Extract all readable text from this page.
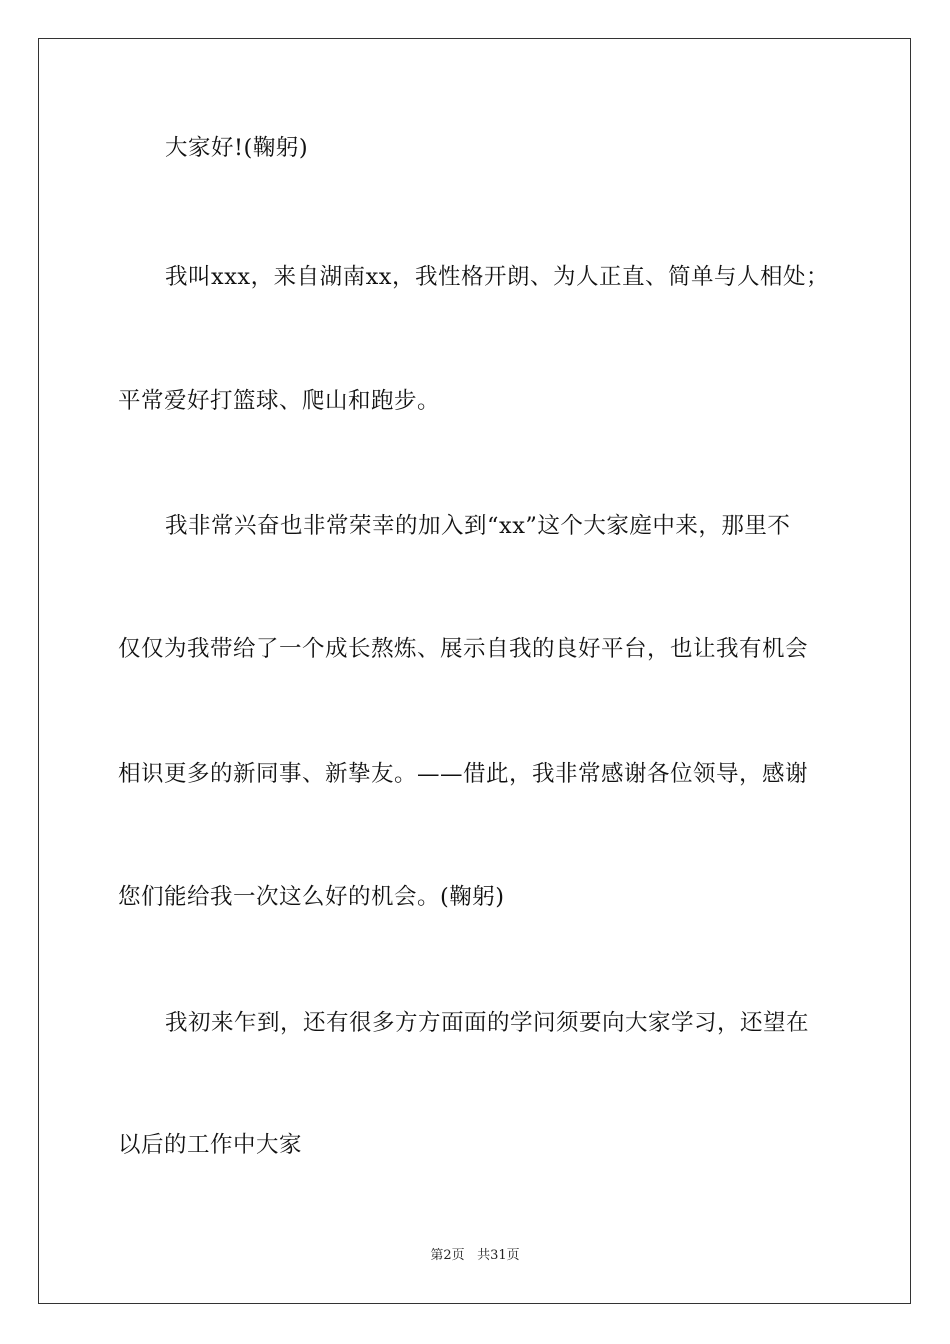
大家好!(鞠躬)
我叫xxx，来自湖南xx，我性格开朗、为人正直、简单与人相处；
平常爱好打篮球、爬山和跑步。
我非常兴奋也非常荣幸的加入到“xx”这个大家庭中来，那里不
仅仅为我带给了一个成长熬炼、展示自我的良好平台，也让我有机会
相识更多的新同事、新挚友。——借此，我非常感谢各位领导，感谢
您们能给我一次这么好的机会。(鞠躬)
我初来乍到，还有很多方方面面的学问须要向大家学习，还望在
以后的工作中大家
第2页 共31页
